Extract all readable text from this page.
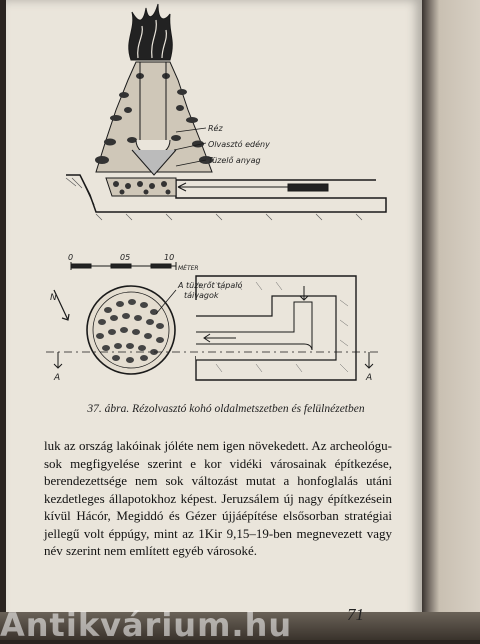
Réz
Olvasztó edény
Tüzelő anyag
0	05	10
MÉTER
A tüzerőt tápaló
táivagok
A	A
N
37. ábra. Rézolvasztó kohó oldalmetszetben és felülnézetben
luk az ország lakóinak jóléte nem igen növekedett. Az archeológu-sok megfigyelése szerint e kor vidéki városainak építkezése, berendezettsége nem sok változást mutat a honfoglalás utáni kezdetleges állapotokhoz képest. Jeruzsálem új nagy építkezésein kívül Hácór, Megiddó és Gézer újjáépítése elsősorban stratégiai jellegű volt éppúgy, mint az 1Kir 9,15–19-ben megnevezett vagy név szerint nem említett egyéb városoké.
Antikvárium.hu	71
